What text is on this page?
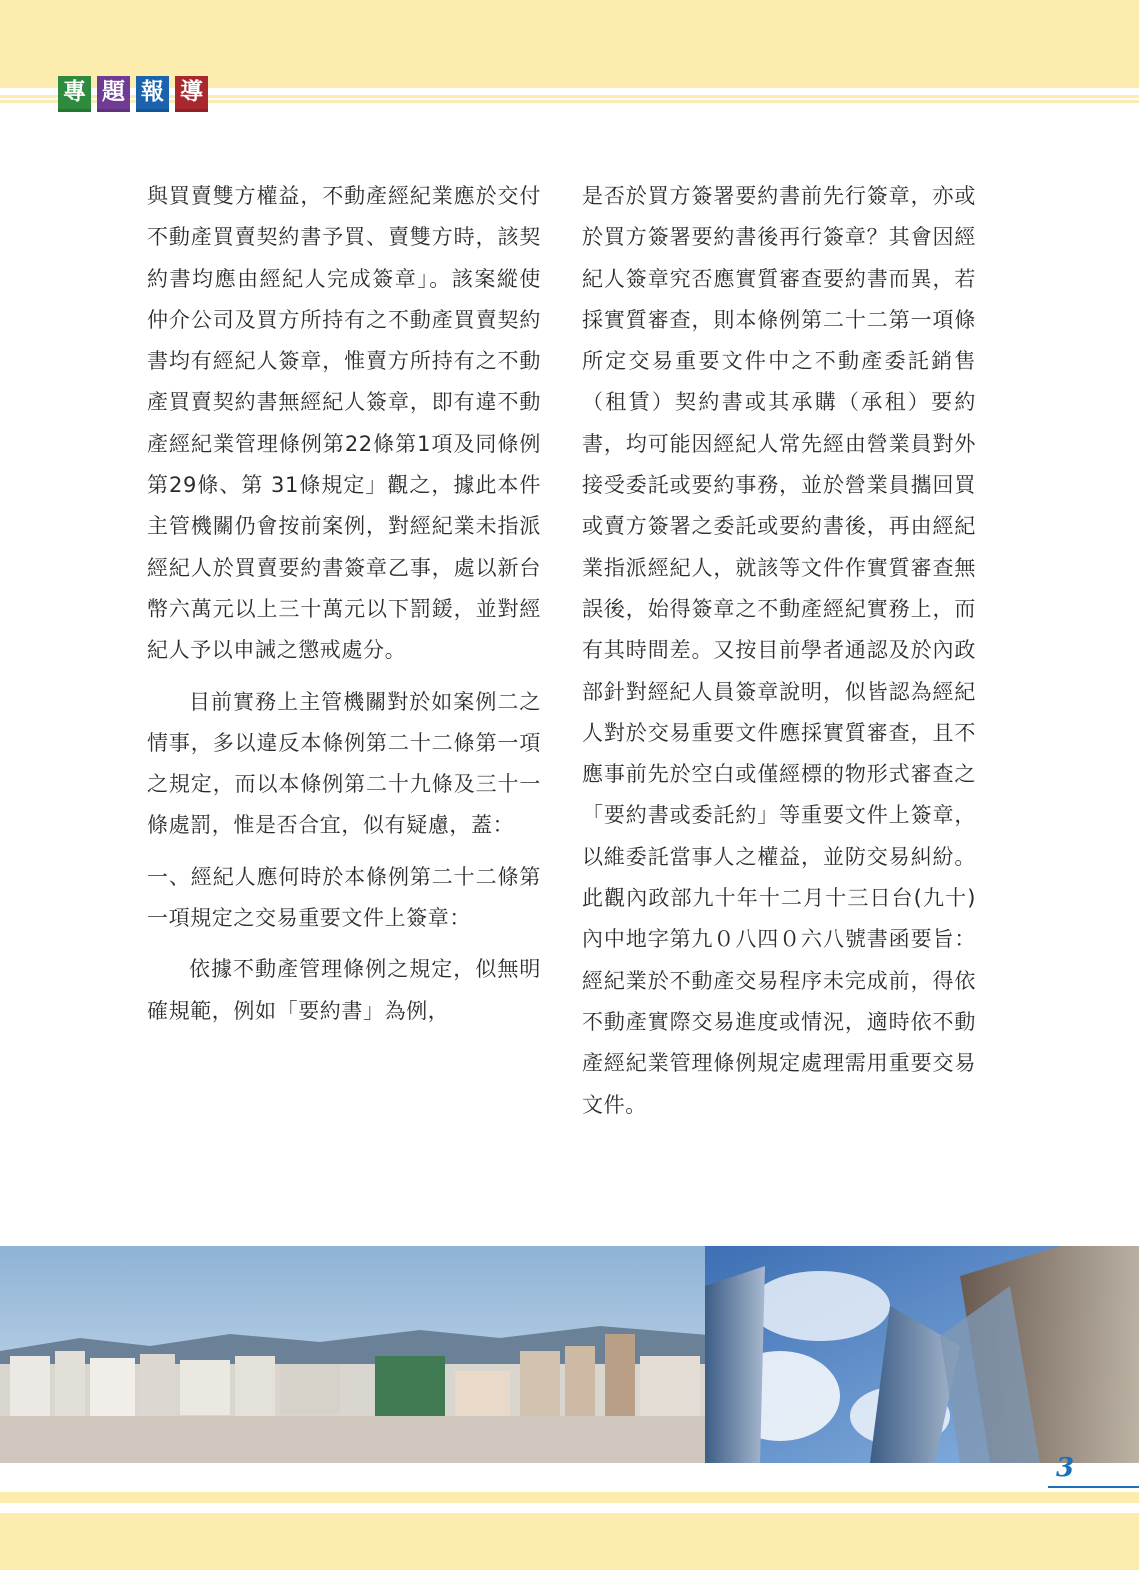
專 題 報 導

與買賣雙方權益，不動產經紀業應於交付不動產買賣契約書予買、賣雙方時，該契約書均應由經紀人完成簽章」。該案縱使仲介公司及買方所持有之不動產買賣契約書均有經紀人簽章，惟賣方所持有之不動產買賣契約書無經紀人簽章，即有違不動產經紀業管理條例第22條第1項及同條例第29條、第 31條規定」觀之，據此本件主管機關仍會按前案例，對經紀業未指派經紀人於買賣要約書簽章乙事，處以新台幣六萬元以上三十萬元以下罰鍰，並對經紀人予以申誡之懲戒處分。

目前實務上主管機關對於如案例二之情事，多以違反本條例第二十二條第一項之規定，而以本條例第二十九條及三十一條處罰，惟是否合宜，似有疑慮，蓋：

一、經紀人應何時於本條例第二十二條第一項規定之交易重要文件上簽章：

依據不動產管理條例之規定，似無明確規範，例如「要約書」為例，

是否於買方簽署要約書前先行簽章，亦或於買方簽署要約書後再行簽章？其會因經紀人簽章究否應實質審查要約書而異，若採實質審查，則本條例第二十二第一項條所定交易重要文件中之不動產委託銷售（租賃）契約書或其承購（承租）要約書，均可能因經紀人常先經由營業員對外接受委託或要約事務，並於營業員攜回買或賣方簽署之委託或要約書後，再由經紀業指派經紀人，就該等文件作實質審查無誤後，始得簽章之不動產經紀實務上，而有其時間差。又按目前學者通認及於內政部針對經紀人員簽章說明，似皆認為經紀人對於交易重要文件應採實質審查，且不應事前先於空白或僅經標的物形式審查之「要約書或委託約」等重要文件上簽章，以維委託當事人之權益，並防交易糾紛。此觀內政部九十年十二月十三日台(九十)內中地字第九０八四０六八號書函要旨：經紀業於不動產交易程序未完成前，得依不動產實際交易進度或情況，適時依不動產經紀業管理條例規定處理需用重要交易文件。

3
